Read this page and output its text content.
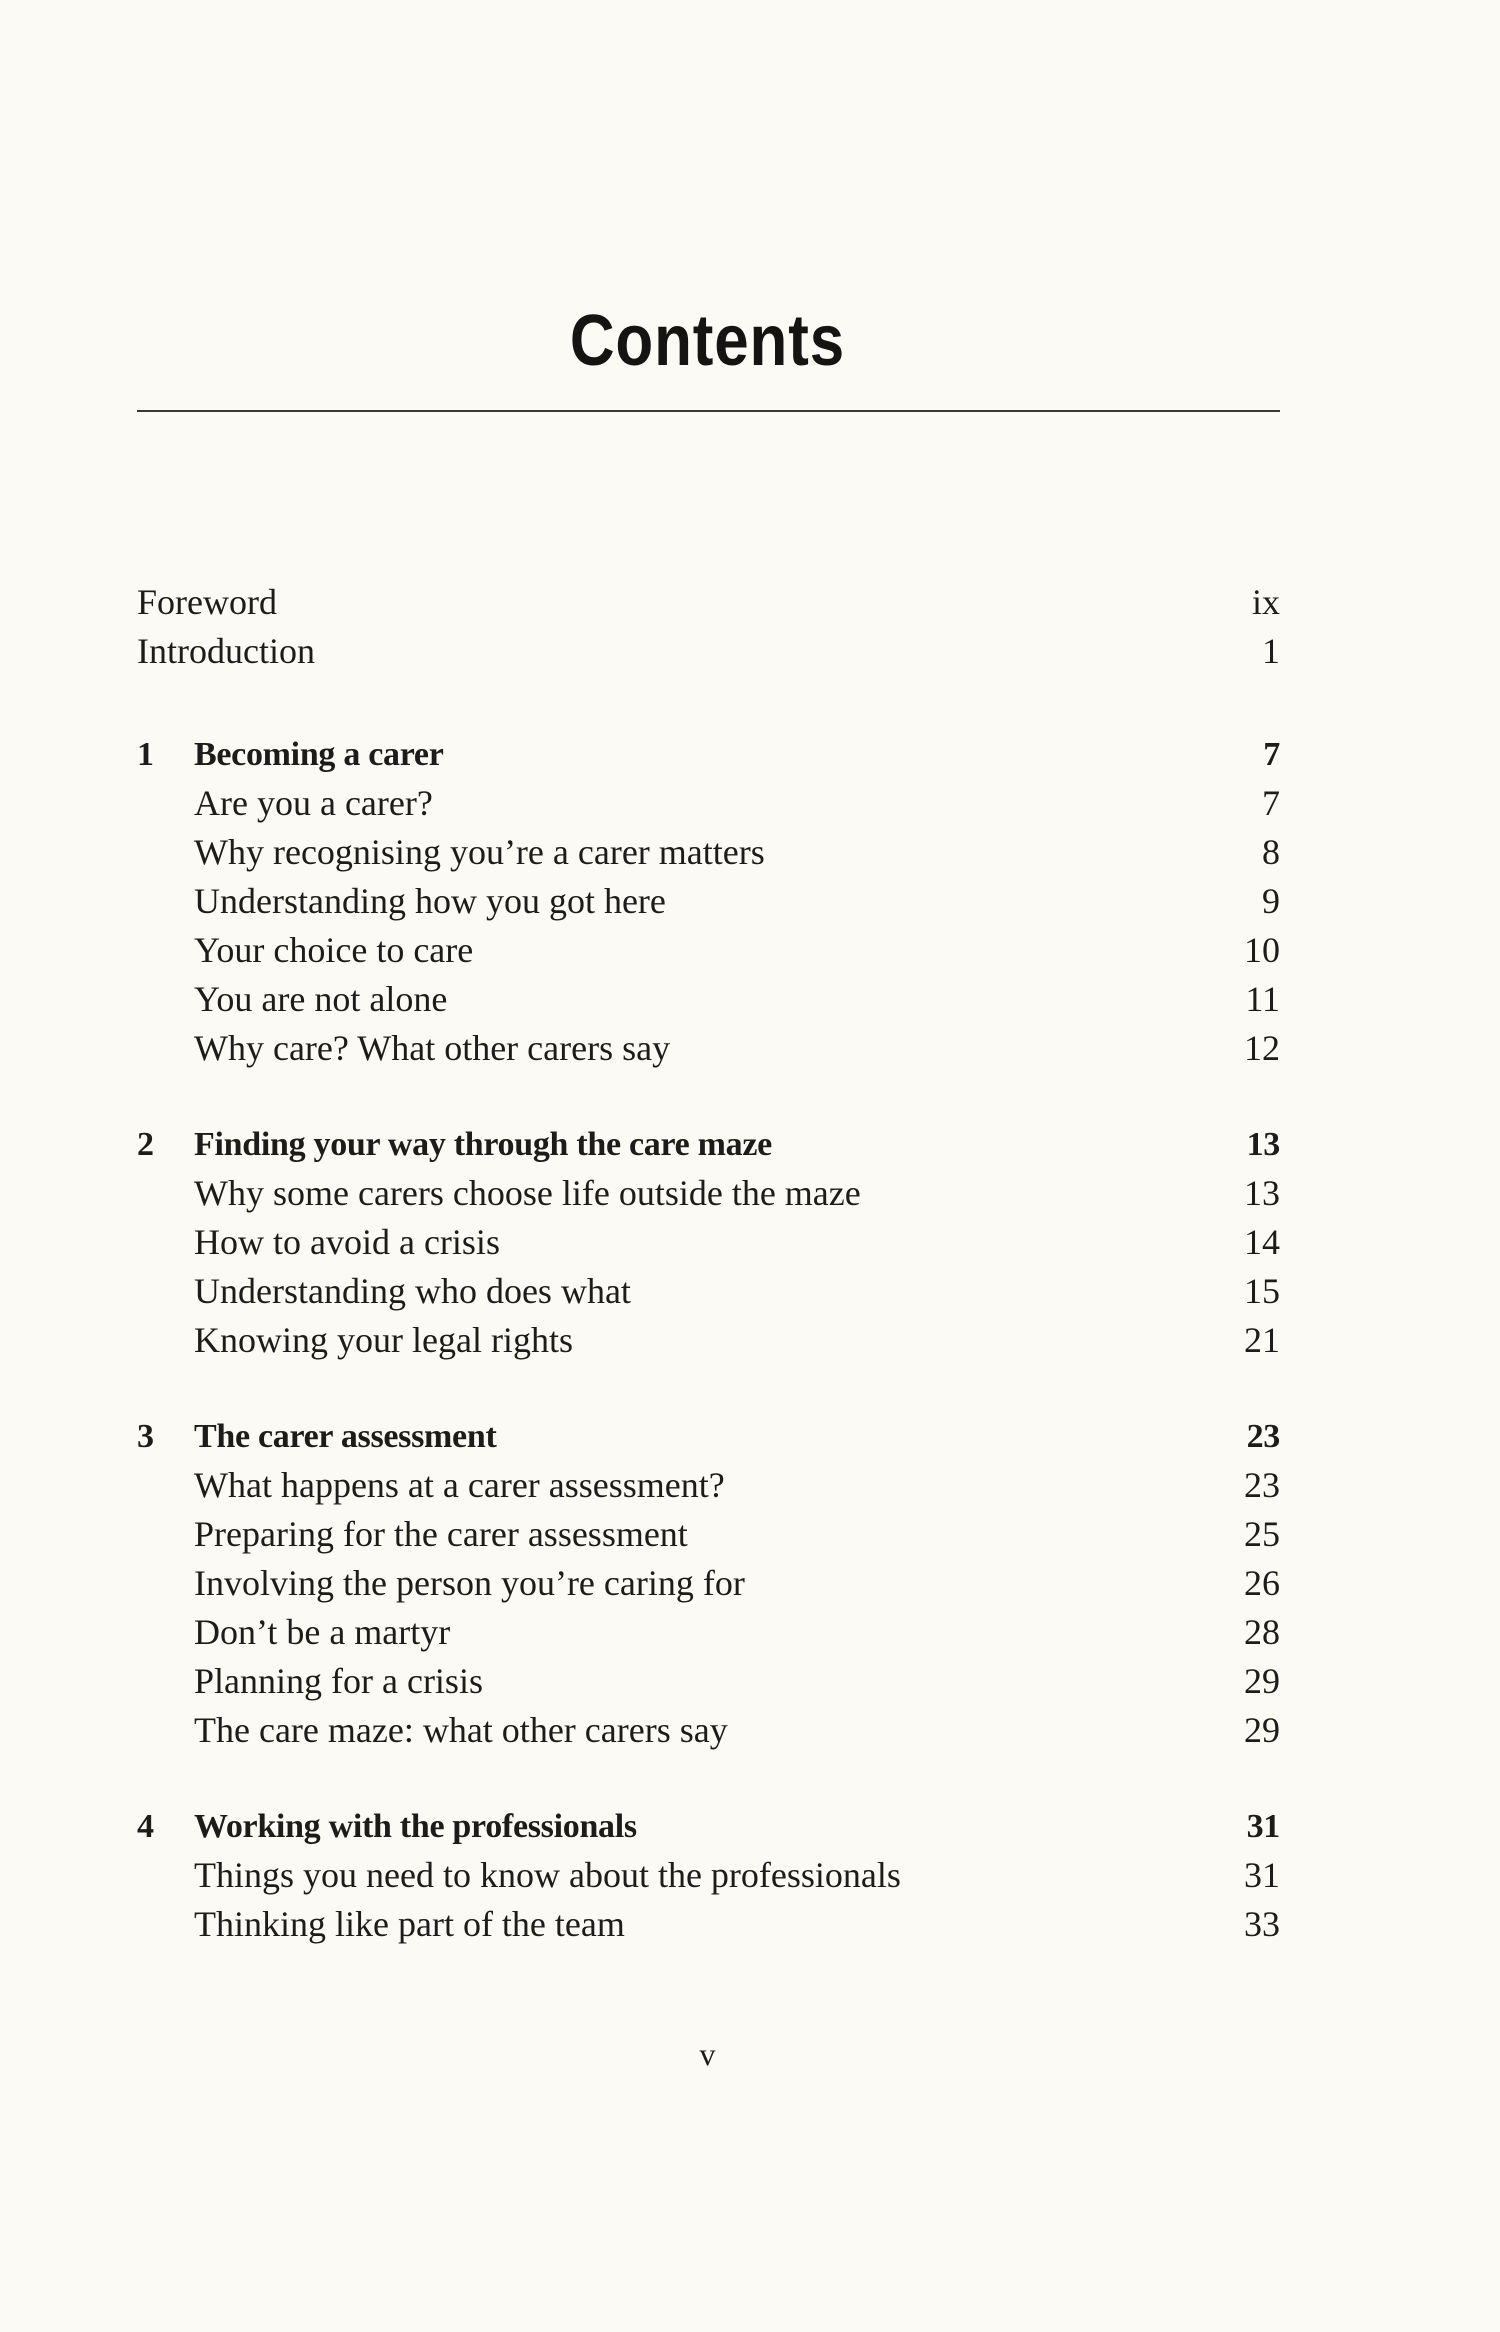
Contents
Foreword	ix
Introduction	1
1 Becoming a carer	7
Are you a carer?	7
Why recognising you’re a carer matters	8
Understanding how you got here	9
Your choice to care	10
You are not alone	11
Why care? What other carers say	12
2 Finding your way through the care maze	13
Why some carers choose life outside the maze	13
How to avoid a crisis	14
Understanding who does what	15
Knowing your legal rights	21
3 The carer assessment	23
What happens at a carer assessment?	23
Preparing for the carer assessment	25
Involving the person you’re caring for	26
Don’t be a martyr	28
Planning for a crisis	29
The care maze: what other carers say	29
4 Working with the professionals	31
Things you need to know about the professionals	31
Thinking like part of the team	33
v
